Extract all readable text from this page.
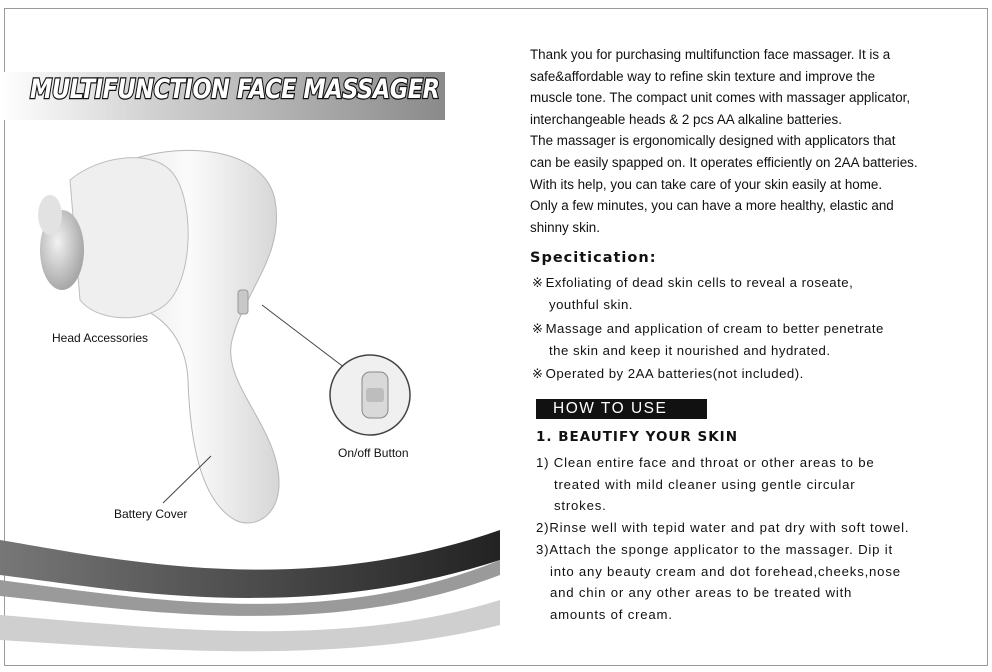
MULTIFUNCTION FACE MASSAGER
Head Accessories
On/off Button
Battery Cover

Thank you for purchasing multifunction face massager. It is a

safe&affordable way to refine skin texture and improve the

muscle tone. The compact unit comes with massager applicator,

interchangeable heads & 2 pcs AA alkaline batteries.

The massager is ergonomically designed with applicators that

can be easily spapped on. It operates efficiently on 2AA batteries.

With its help, you can take care of your skin easily at home.

Only a few minutes, you can have a more healthy, elastic and

shinny skin.

Specitication:
※ Exfoliating of dead skin cells to reveal a roseate,
youthful skin.
※ Massage and application of cream to better penetrate
the skin and keep it nourished and hydrated.
※ Operated by 2AA batteries(not included).
HOW TO USE
1. BEAUTIFY YOUR SKIN
1) Clean entire face and throat or other areas to be
treated with mild cleaner using gentle circular
strokes.
2)Rinse well with tepid water and pat dry with soft towel.
3)Attach the sponge applicator to the massager. Dip it
into any beauty cream and dot forehead,cheeks,nose
and chin or any other areas to be treated with
amounts of cream.
